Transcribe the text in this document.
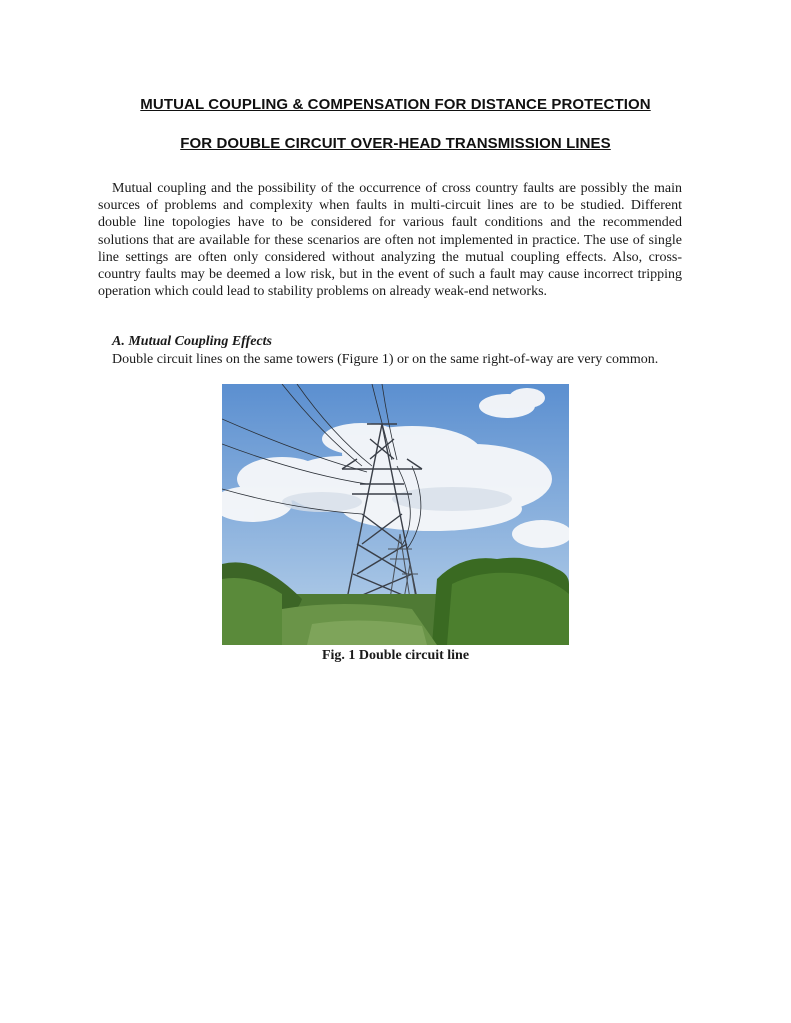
MUTUAL COUPLING & COMPENSATION FOR DISTANCE PROTECTION
FOR DOUBLE CIRCUIT OVER-HEAD TRANSMISSION LINES

Mutual coupling and the possibility of the occurrence of cross country faults are possibly the main sources of problems and complexity when faults in multi-circuit lines are to be studied. Different double line topologies have to be considered for various fault conditions and the recommended solutions that are available for these scenarios are often not implemented in practice. The use of single line settings are often only considered without analyzing the mutual coupling effects. Also, cross-country faults may be deemed a low risk, but in the event of such a fault may cause incorrect tripping operation which could lead to stability problems on already weak-end networks.

A. Mutual Coupling Effects

Double circuit lines on the same towers (Figure 1) or on the same right-of-way are very common.

Fig. 1 Double circuit line
